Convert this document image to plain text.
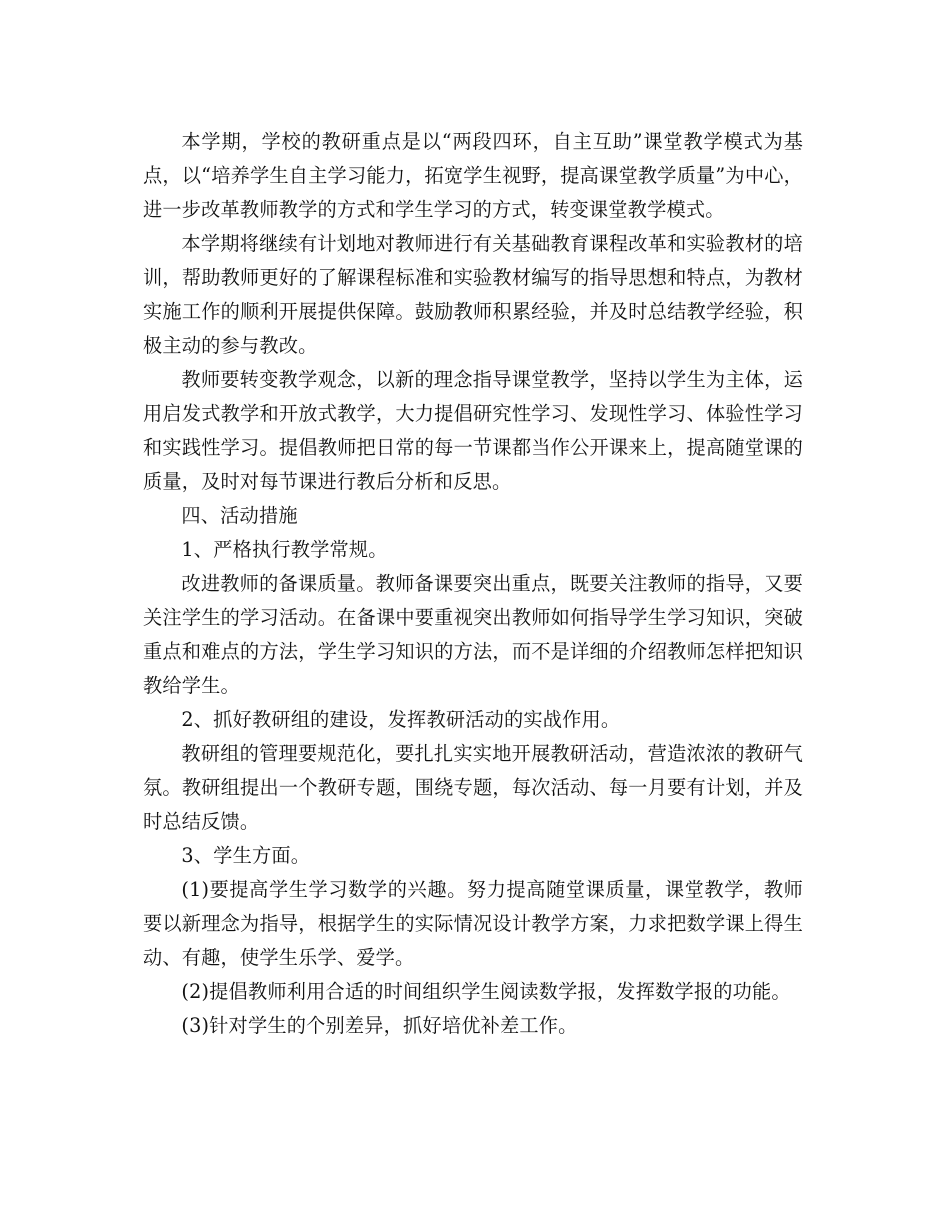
本学期，学校的教研重点是以“两段四环，自主互助”课堂教学模式为基点，以“培养学生自主学习能力，拓宽学生视野，提高课堂教学质量”为中心，进一步改革教师教学的方式和学生学习的方式，转变课堂教学模式。

本学期将继续有计划地对教师进行有关基础教育课程改革和实验教材的培训，帮助教师更好的了解课程标准和实验教材编写的指导思想和特点，为教材实施工作的顺利开展提供保障。鼓励教师积累经验，并及时总结教学经验，积极主动的参与教改。

教师要转变教学观念，以新的理念指导课堂教学，坚持以学生为主体，运用启发式教学和开放式教学，大力提倡研究性学习、发现性学习、体验性学习和实践性学习。提倡教师把日常的每一节课都当作公开课来上，提高随堂课的质量，及时对每节课进行教后分析和反思。

四、活动措施

1、严格执行教学常规。

改进教师的备课质量。教师备课要突出重点，既要关注教师的指导，又要关注学生的学习活动。在备课中要重视突出教师如何指导学生学习知识，突破重点和难点的方法，学生学习知识的方法，而不是详细的介绍教师怎样把知识教给学生。

2、抓好教研组的建设，发挥教研活动的实战作用。

教研组的管理要规范化，要扎扎实实地开展教研活动，营造浓浓的教研气氛。教研组提出一个教研专题，围绕专题，每次活动、每一月要有计划，并及时总结反馈。

3、学生方面。

(1)要提高学生学习数学的兴趣。努力提高随堂课质量，课堂教学，教师要以新理念为指导，根据学生的实际情况设计教学方案，力求把数学课上得生动、有趣，使学生乐学、爱学。

(2)提倡教师利用合适的时间组织学生阅读数学报，发挥数学报的功能。

(3)针对学生的个别差异，抓好培优补差工作。
